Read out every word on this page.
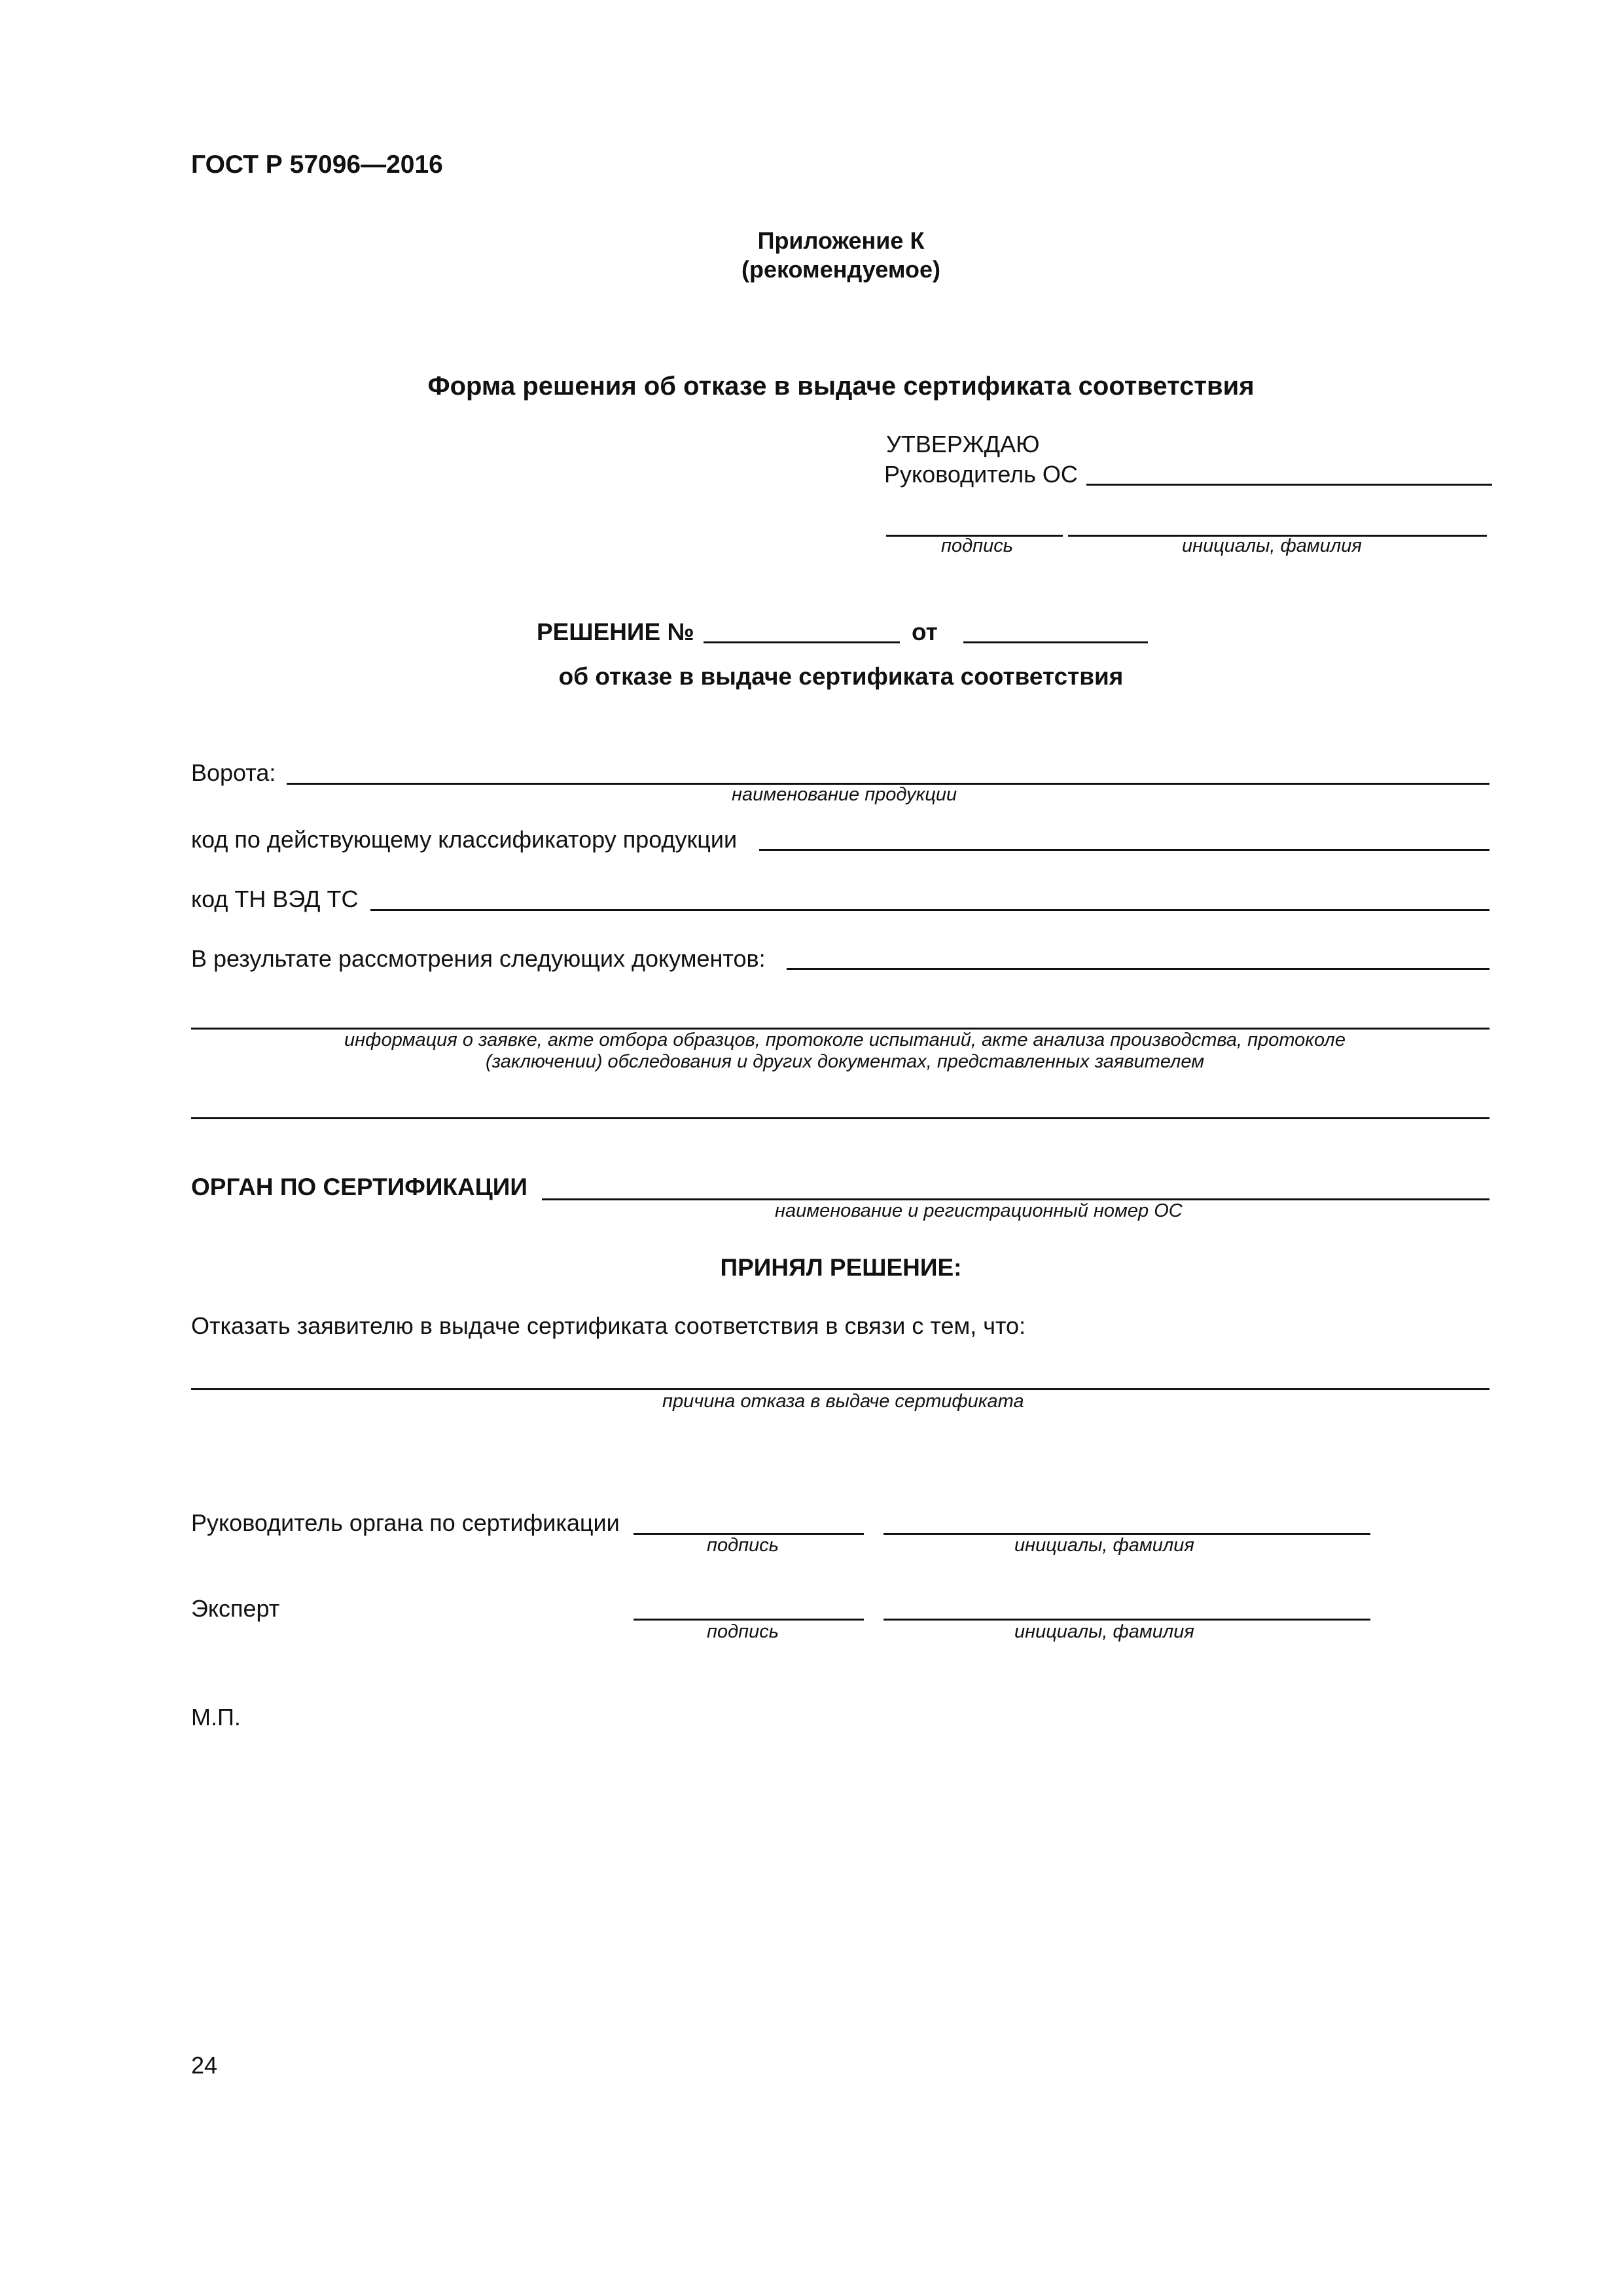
ГОСТ Р 57096—2016
Приложение К
(рекомендуемое)
Форма решения об отказе в выдаче сертификата соответствия
УТВЕРЖДАЮ
Руководитель ОС
подпись	инициалы, фамилия
РЕШЕНИЕ №	от
об отказе в выдаче сертификата соответствия
Ворота:
наименование продукции
код по действующему классификатору продукции
код ТН ВЭД ТС
В результате рассмотрения следующих документов:
информация о заявке, акте отбора образцов, протоколе испытаний, акте анализа производства, протоколе
(заключении) обследования и других документах, представленных заявителем
ОРГАН ПО СЕРТИФИКАЦИИ
наименование и регистрационный номер ОС
ПРИНЯЛ РЕШЕНИЕ:
Отказать заявителю в выдаче сертификата соответствия в связи с тем, что:
причина отказа в выдаче сертификата
Руководитель органа по сертификации
подпись	инициалы, фамилия
Эксперт
подпись	инициалы, фамилия
М.П.
24
